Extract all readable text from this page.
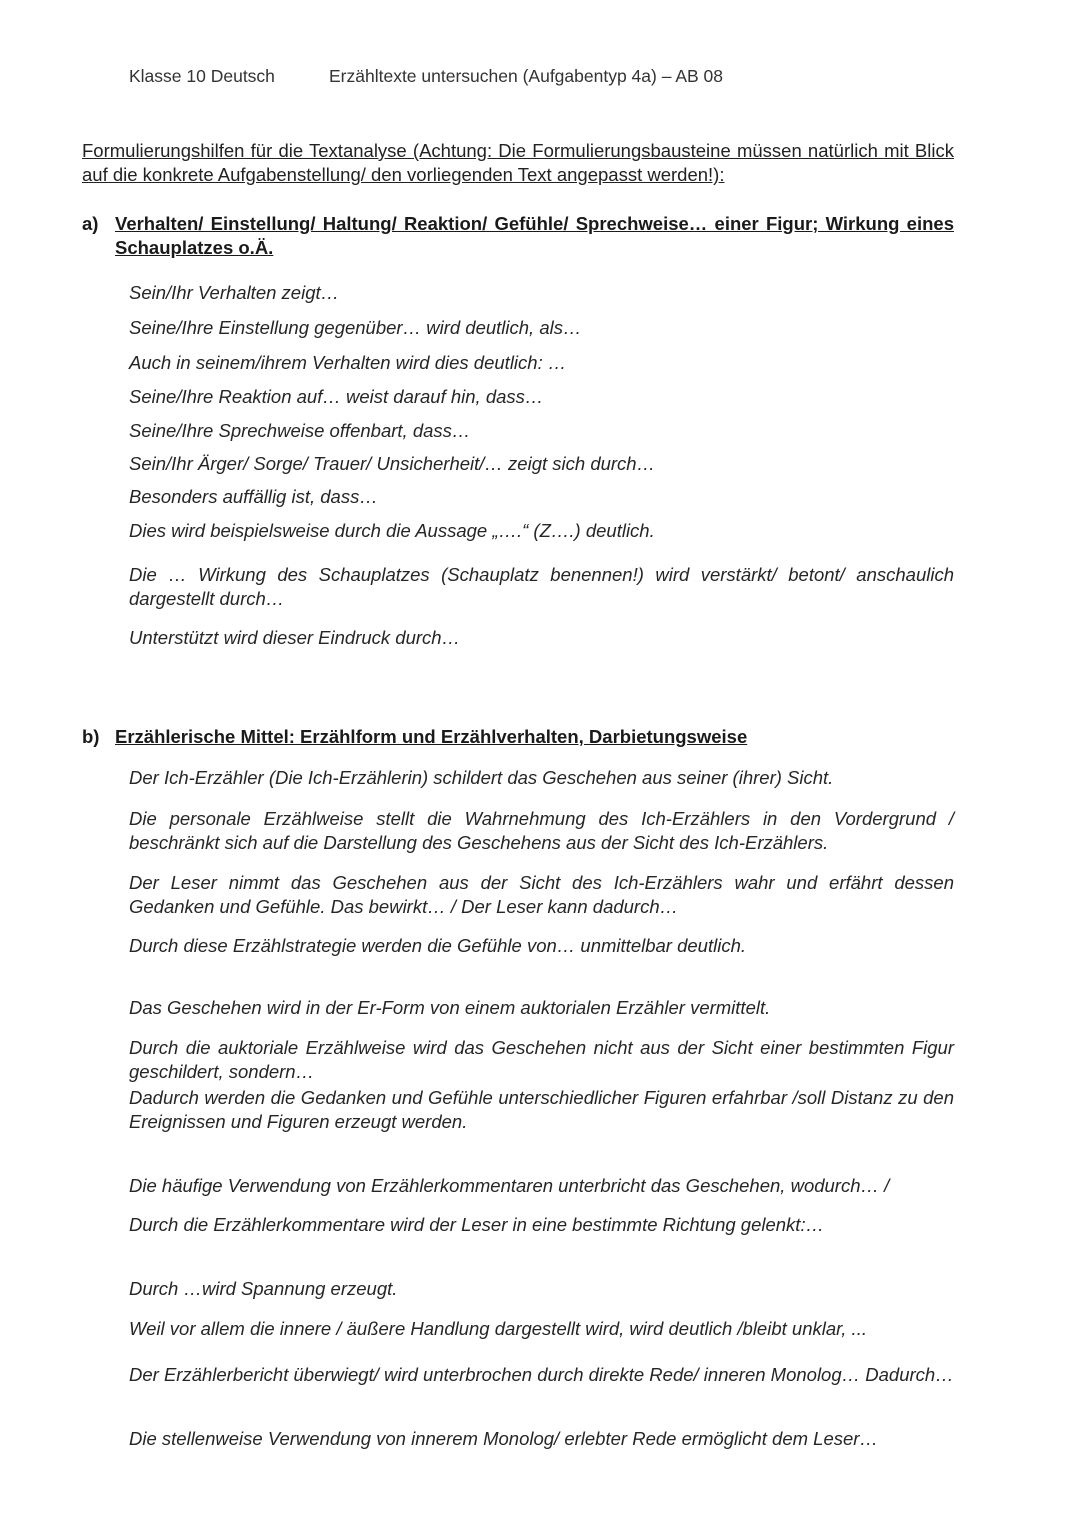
Klasse 10 Deutsch	Erzähltexte untersuchen (Aufgabentyp 4a) – AB 08
Formulierungshilfen für die Textanalyse (Achtung: Die Formulierungsbausteine müssen natürlich mit Blick auf die konkrete Aufgabenstellung/ den vorliegenden Text angepasst werden!):
a) Verhalten/ Einstellung/ Haltung/ Reaktion/ Gefühle/ Sprechweise… einer Figur; Wirkung eines Schauplatzes o.Ä.
Sein/Ihr Verhalten zeigt…
Seine/Ihre Einstellung gegenüber… wird deutlich, als…
Auch in seinem/ihrem Verhalten wird dies deutlich: …
Seine/Ihre Reaktion auf… weist darauf hin, dass…
Seine/Ihre Sprechweise offenbart, dass…
Sein/Ihr Ärger/ Sorge/ Trauer/ Unsicherheit/… zeigt sich durch…
Besonders auffällig ist, dass…
Dies wird beispielsweise durch die Aussage „….“ (Z….) deutlich.
Die … Wirkung des Schauplatzes (Schauplatz benennen!) wird verstärkt/ betont/ anschaulich dargestellt durch…
Unterstützt wird dieser Eindruck durch…
b) Erzählerische Mittel: Erzählform und Erzählverhalten, Darbietungsweise
Der Ich-Erzähler (Die Ich-Erzählerin) schildert das Geschehen aus seiner (ihrer) Sicht.
Die personale Erzählweise stellt die Wahrnehmung des Ich-Erzählers in den Vordergrund / beschränkt sich auf die Darstellung des Geschehens aus der Sicht des Ich-Erzählers.
Der Leser nimmt das Geschehen aus der Sicht des Ich-Erzählers wahr und erfährt dessen Gedanken und Gefühle. Das bewirkt… / Der Leser kann dadurch…
Durch diese Erzählstrategie werden die Gefühle von… unmittelbar deutlich.
Das Geschehen wird in der Er-Form von einem auktorialen Erzähler vermittelt.
Durch die auktoriale Erzählweise wird das Geschehen nicht aus der Sicht einer bestimmten Figur geschildert, sondern…
Dadurch werden die Gedanken und Gefühle unterschiedlicher Figuren erfahrbar /soll Distanz zu den Ereignissen und Figuren erzeugt werden.
Die häufige Verwendung von Erzählerkommentaren unterbricht das Geschehen, wodurch… /
Durch die Erzählerkommentare wird der Leser in eine bestimmte Richtung gelenkt:…
Durch …wird Spannung erzeugt.
Weil vor allem die innere / äußere Handlung dargestellt wird, wird deutlich /bleibt unklar, ...
Der Erzählerbericht überwiegt/ wird unterbrochen durch direkte Rede/ inneren Monolog… Dadurch…
Die stellenweise Verwendung von innerem Monolog/ erlebter Rede ermöglicht dem Leser…
